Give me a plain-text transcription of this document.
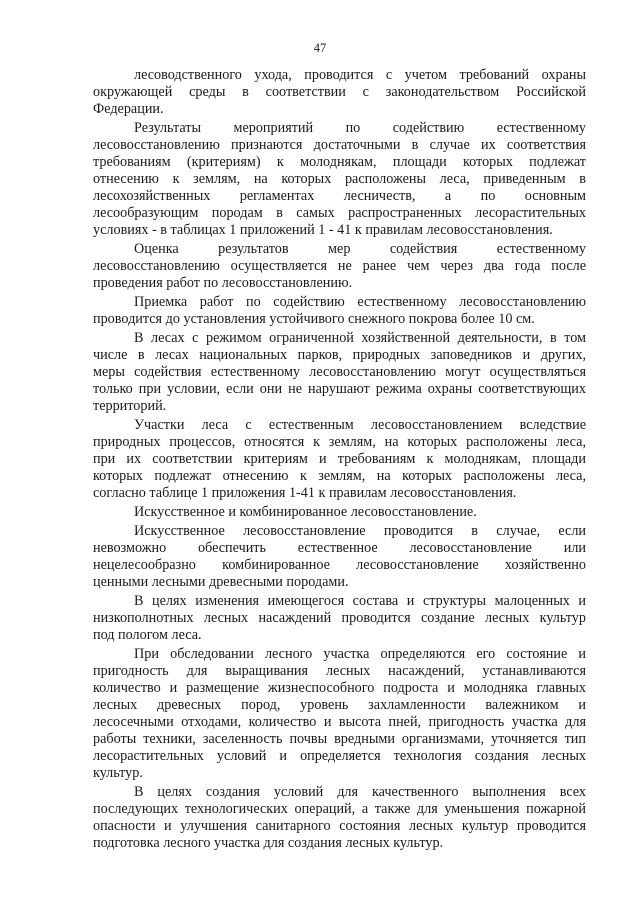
47
лесоводственного ухода, проводится с учетом требований охраны
окружающей среды в соответствии с законодательством Российской
Федерации.
Результаты мероприятий по содействию естественному
лесовосстановлению признаются достаточными в случае их соответствия
требованиям (критериям) к молоднякам, площади которых подлежат
отнесению к землям, на которых расположены леса, приведенным в
лесохозяйственных регламентах лесничеств, а по основным
лесообразующим породам в самых распространенных лесорастительных
условиях - в таблицах 1 приложений 1 - 41 к правилам лесовосстановления.
Оценка результатов мер содействия естественному
лесовосстановлению осуществляется не ранее чем через два года после
проведения работ по лесовосстановлению.
Приемка работ по содействию естественному лесовосстановлению
проводится до установления устойчивого снежного покрова более 10 см.
В лесах с режимом ограниченной хозяйственной деятельности, в том
числе в лесах национальных парков, природных заповедников и других,
меры содействия естественному лесовосстановлению могут осуществляться
только при условии, если они не нарушают режима охраны соответствующих
территорий.
Участки леса с естественным лесовосстановлением вследствие
природных процессов, относятся к землям, на которых расположены леса,
при их соответствии критериям и требованиям к молоднякам, площади
которых подлежат отнесению к землям, на которых расположены леса,
согласно таблице 1 приложения 1-41 к правилам лесовосстановления.
Искусственное и комбинированное лесовосстановление.
Искусственное лесовосстановление проводится в случае, если
невозможно обеспечить естественное лесовосстановление или
нецелесообразно комбинированное лесовосстановление хозяйственно
ценными лесными древесными породами.
В целях изменения имеющегося состава и структуры малоценных и
низкополнотных лесных насаждений проводится создание лесных культур
под пологом леса.
При обследовании лесного участка определяются его состояние и
пригодность для выращивания лесных насаждений, устанавливаются
количество и размещение жизнеспособного подроста и молодняка главных
лесных древесных пород, уровень захламленности валежником и
лесосечными отходами, количество и высота пней, пригодность участка для
работы техники, заселенность почвы вредными организмами, уточняется тип
лесорастительных условий и определяется технология создания лесных
культур.
В целях создания условий для качественного выполнения всех
последующих технологических операций, а также для уменьшения пожарной
опасности и улучшения санитарного состояния лесных культур проводится
подготовка лесного участка для создания лесных культур.
